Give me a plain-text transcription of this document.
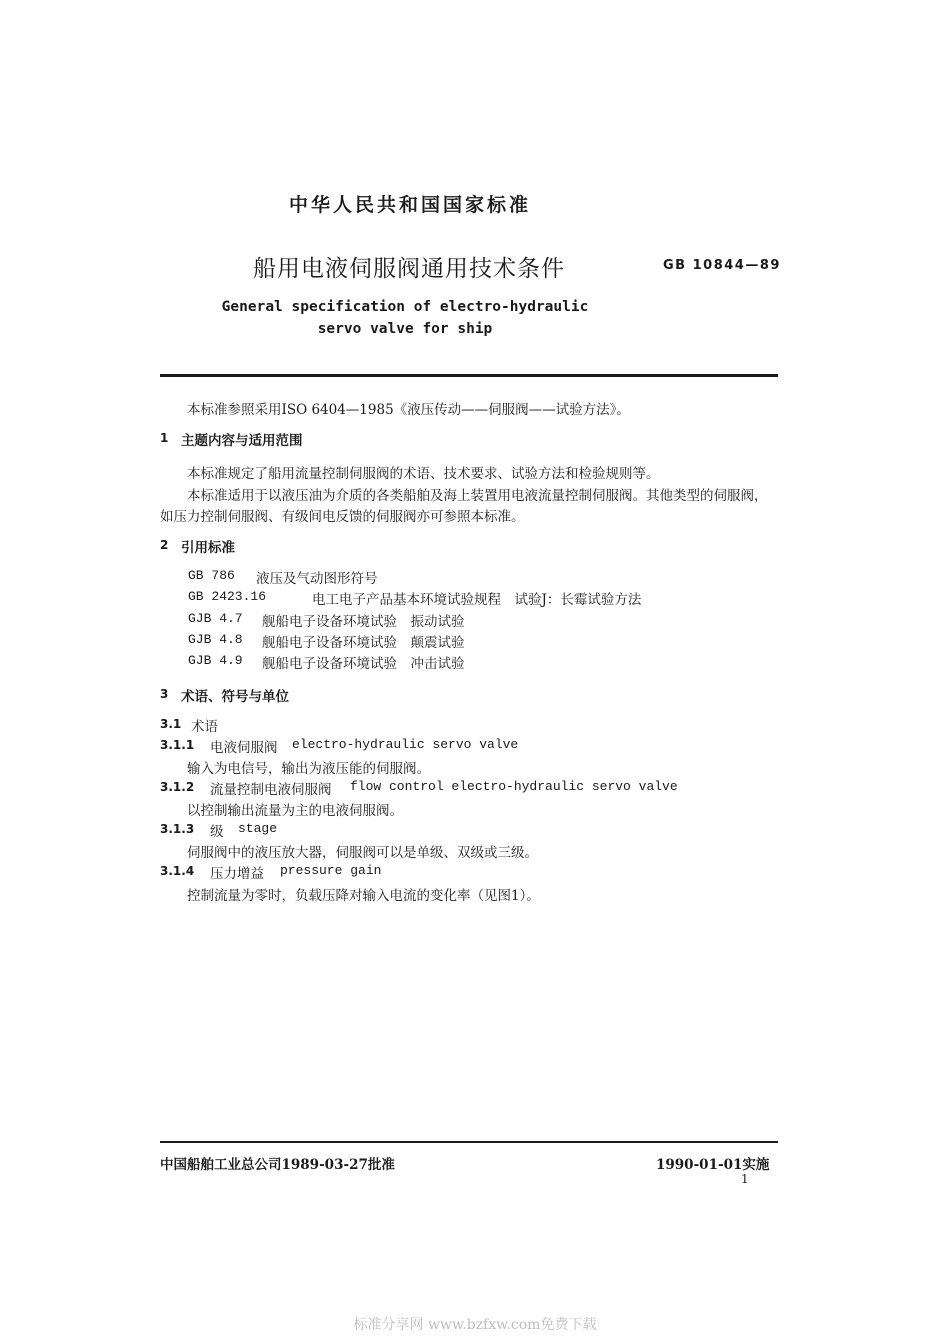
中华人民共和国国家标准
船用电液伺服阀通用技术条件	GB 10844—89
General specification of electro-hydraulic
servo valve for ship
本标准参照采用ISO 6404—1985《液压传动——伺服阀——试验方法》。
1 主题内容与适用范围
本标准规定了船用流量控制伺服阀的术语、技术要求、试验方法和检验规则等。
本标准适用于以液压油为介质的各类船舶及海上装置用电液流量控制伺服阀。其他类型的伺服阀，
如压力控制伺服阀、有级间电反馈的伺服阀亦可参照本标准。
2 引用标准
GB 786 液压及气动图形符号
GB 2423.16	电工电子产品基本环境试验规程　试验J：长霉试验方法
GJB 4.7 舰船电子设备环境试验　振动试验
GJB 4.8 舰船电子设备环境试验　颠震试验
GJB 4.9 舰船电子设备环境试验　冲击试验
3 术语、符号与单位
3.1 术语
3.1.1 电液伺服阀 electro-hydraulic servo valve
输入为电信号，输出为液压能的伺服阀。
3.1.2 流量控制电液伺服阀 flow control electro-hydraulic servo valve
以控制输出流量为主的电液伺服阀。
3.1.3 级 stage
伺服阀中的液压放大器，伺服阀可以是单级、双级或三级。
3.1.4 压力增益 pressure gain
控制流量为零时，负载压降对输入电流的变化率（见图1）。
中国船舶工业总公司1989-03-27批准	1990-01-01实施
1
标准分享网 www.bzfxw.com免费下载
